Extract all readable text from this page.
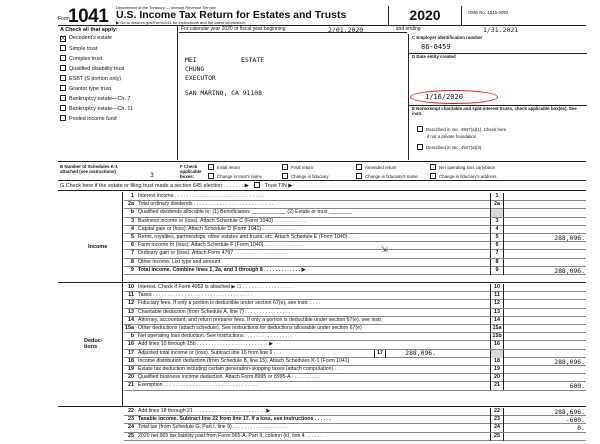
Form
1041 Department of the Treasury — Internal Revenue Service
U.S. Income Tax Return for Estates and Trusts
▶ Go to www.irs.gov/Form1041 for instructions and the latest information.	2020	OMB No. 1545-0092
A Check all that apply:
X Decedent's estate
Simple trust
Complex trust
Qualified disability trust
ESBT (S portion only)
Grantor type trust
Bankruptcy estate—Ch. 7
Bankruptcy estate—Ch. 11
Pooled income fund
For calendar year 2020 or fiscal year beginning	2/01.2020	, and ending	1/31.2021
MEI	ESTATE
CHUNG
EXECUTOR
SAN MARINO, CA 91108
C Employer identification number
86-6459
D Date entity created
1/16/2020
E Nonexempt charitable and split-interest trusts, check applicable box(es). See instr.
Described in sec. 4947(a)(1). Check here
if not a private foundation
Described in sec. 4947(a)(2)
B Number of Schedules K-1 attached (see instructions)	3
F Check applicable boxes:
Initial return	Final return	Amended return	Net operating loss carryback
Change in trust's name	Change in fiduciary	Change in fiduciary's name	Change in fiduciary's address
G Check here if the estate or filing trust made a section 645 election . . . . . . . ▶	Trust TIN ▶
Income
Deduc-
tions
1 Interest income . . . . . . . . . . . . . . . . . . . . . . . . . . . . . . .	1
2a Total ordinary dividends . . . . . . . . . . . . . . . . . . . . . . . . . . . .	2a
b Qualified dividends allocable to: (1) Beneficiaries ____________ (2) Estate or trust ________
3 Business income or (loss). Attach Schedule C (Form 1040) . . . . . . . . . . . .	3
4 Capital gain or (loss). Attach Schedule D (Form 1041) . . . . . . . . . . . . . .	4
5 Rents, royalties, partnerships, other estates and trusts, etc. Attach Schedule E (Form 1040) . . .	5	288,096.
6 Farm income or (loss). Attach Schedule F (Form 1040) . . . . . . . . . . . . . .	6
7 Ordinary gain or (loss). Attach Form 4797 . . . . . . . . . . . . . . . . . . .	7
8 Other income. List type and amount	8
9 Total income. Combine lines 1, 2a, and 3 through 8 . . . . . . . . . . . . . ▶	9	288,096.
10 Interest. Check if Form 4952 is attached ▶ ☐ . . . . . . . . . . . . . . . . .	10
11 Taxes . . . . . . . . . . . . . . . . . . . . . . . . . . . . . . . . . . .	11
12 Fiduciary fees. If only a portion is deductible under section 67(e), see instr. . . . .	12
13 Charitable deduction (from Schedule A, line 7) . . . . . . . . . . . . . . . . .	13
14 Attorney, accountant, and return preparer fees. If only a portion is deductible under section 67(e), see instr.	14
15a Other deductions (attach schedule). See instructions for deductions allowable under section 67(e)	15a
b Net operating loss deduction. See instructions . . . . . . . . . . . . . . . . .	15b
16 Add lines 10 through 15b . . . . . . . . . . . . . . . . . . . . . . . . . ▶	16
17 Adjusted total income or (loss). Subtract line 16 from line 9 . . .	17	288,096.
18 Income distribution deduction (from Schedule B, line 15). Attach Schedules K-1 (Form 1041)	18	288,096.
19 Estate tax deduction including certain generation-skipping taxes (attach computation) . .	19
20 Qualified business income deduction. Attach Form 8995 or 8995-A . . . . . . . . . .	20
21 Exemption . . . . . . . . . . . . . . . . . . . . . . . . . . . . . . . . .	21	600.
22 Add lines 18 through 21 . . . . . . . . . . . . . . . . . . . . . . . . . ▶	22	288,696.
23 Taxable income. Subtract line 22 from line 17. If a loss, see instructions . . . . . .	23	-600.
24 Total tax (from Schedule G, Part I, line 9) . . . . . . . . . . . . . . . . . . .	24	0.
25 2020 net 965 tax liability paid from Form 965-A, Part II, column (k), line 4 . . . . . .	25
⇲
